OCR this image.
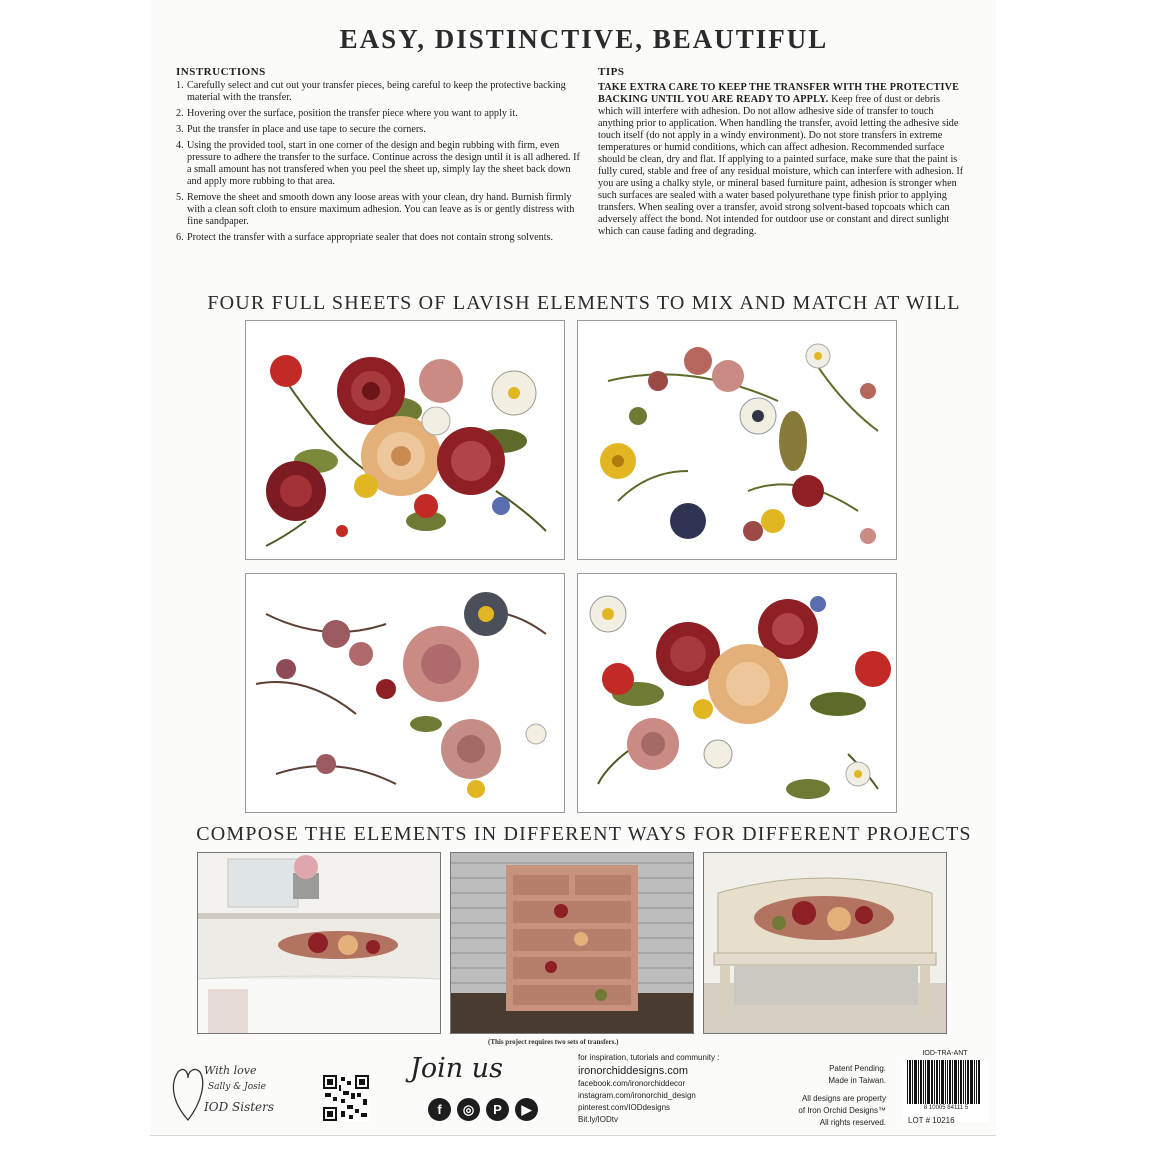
EASY, DISTINCTIVE, BEAUTIFUL
INSTRUCTIONS
1. Carefully select and cut out your transfer pieces, being careful to keep the protective backing material with the transfer.
2. Hovering over the surface, position the transfer piece where you want to apply it.
3. Put the transfer in place and use tape to secure the corners.
4. Using the provided tool, start in one corner of the design and begin rubbing with firm, even pressure to adhere the transfer to the surface. Continue across the design until it is all adhered. If a small amount has not transfered when you peel the sheet up, simply lay the sheet back down and apply more rubbing to that area.
5. Remove the sheet and smooth down any loose areas with your clean, dry hand. Burnish firmly with a clean soft cloth to ensure maximum adhesion. You can leave as is or gently distress with fine sandpaper.
6. Protect the transfer with a surface appropriate sealer that does not contain strong solvents.
TIPS
TAKE EXTRA CARE TO KEEP THE TRANSFER WITH THE PROTECTIVE BACKING UNTIL YOU ARE READY TO APPLY. Keep free of dust or debris which will interfere with adhesion. Do not allow adhesive side of transfer to touch anything prior to application. When handling the transfer, avoid letting the adhesive side touch itself (do not apply in a windy environment). Do not store transfers in extreme temperatures or humid conditions, which can affect adhesion. Recommended surface should be clean, dry and flat. If applying to a painted surface, make sure that the paint is fully cured, stable and free of any residual moisture, which can interfere with adhesion. If you are using a chalky style, or mineral based furniture paint, adhesion is stronger when such surfaces are sealed with a water based polyurethane type finish prior to applying transfers. When sealing over a transfer, avoid strong solvent-based topcoats which can adversely affect the bond. Not intended for outdoor use or constant and direct sunlight which can cause fading and degrading.
FOUR FULL SHEETS OF LAVISH ELEMENTS TO MIX AND MATCH AT WILL
COMPOSE THE ELEMENTS IN DIFFERENT WAYS FOR DIFFERENT PROJECTS
(This project requires two sets of transfers.)
With love
Sally & Josie
IOD Sisters
Join us
f	◎	P	▶
for inspiration, tutorials and community :
ironorchiddesigns.com
facebook.com/ironorchiddecor
instagram.com/ironorchid_design
pinterest.com/IODdesigns
Bit.ly/IODtv
Patent Pending.
Made in Taiwan.
All designs are property
of Iron Orchid Designs™
All rights reserved.
IOD-TRA-ANT
8 10005 84111 5
LOT # 10216
